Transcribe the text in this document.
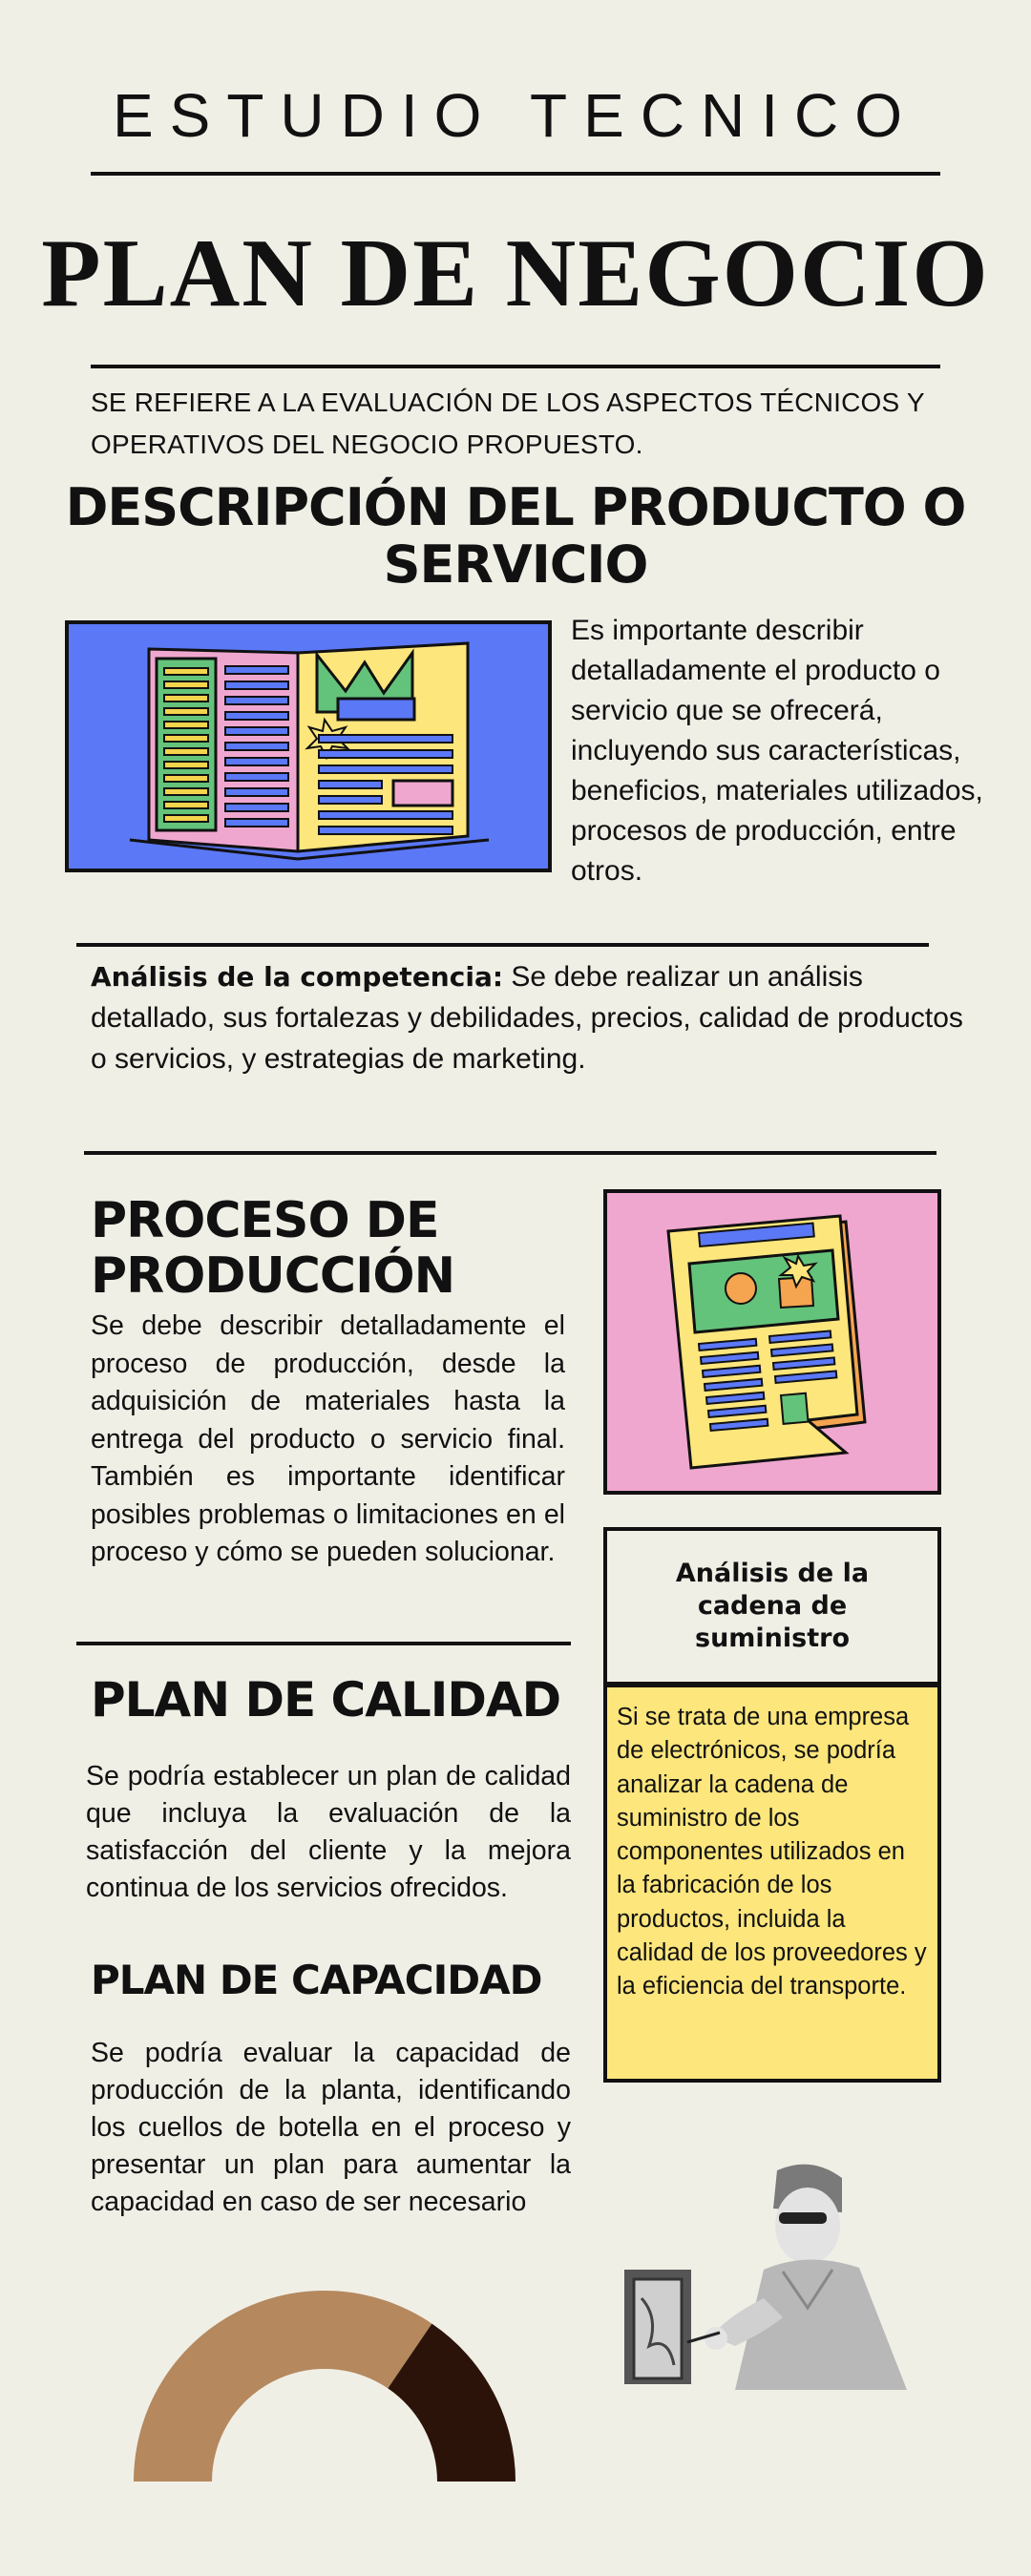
ESTUDIO TECNICO
PLAN DE NEGOCIO
SE REFIERE A LA EVALUACIÓN DE LOS ASPECTOS TÉCNICOS Y OPERATIVOS DEL NEGOCIO PROPUESTO.
DESCRIPCIÓN DEL PRODUCTO O SERVICIO
Es importante describir detalladamente el producto o servicio que se ofrecerá, incluyendo sus características, beneficios, materiales utilizados, procesos de producción, entre otros.
Análisis de la competencia: Se debe realizar un análisis detallado, sus fortalezas y debilidades, precios, calidad de productos o servicios, y estrategias de marketing.
PROCESO DE PRODUCCIÓN
Se debe describir detalladamente el proceso de producción, desde la adquisición de materiales hasta la entrega del producto o servicio final. También es importante identificar posibles problemas o limitaciones en el proceso y cómo se pueden solucionar.
Análisis de la cadena de suministro
Si se trata de una empresa de electrónicos, se podría analizar la cadena de suministro de los componentes utilizados en la fabricación de los productos, incluida la calidad de los proveedores y la eficiencia del transporte.
PLAN DE CALIDAD
Se podría establecer un plan de calidad que incluya la evaluación de la satisfacción del cliente y la mejora continua de los servicios ofrecidos.
PLAN DE CAPACIDAD
Se podría evaluar la capacidad de producción de la planta, identificando los cuellos de botella en el proceso y presentar un plan para aumentar la capacidad en caso de ser necesario
